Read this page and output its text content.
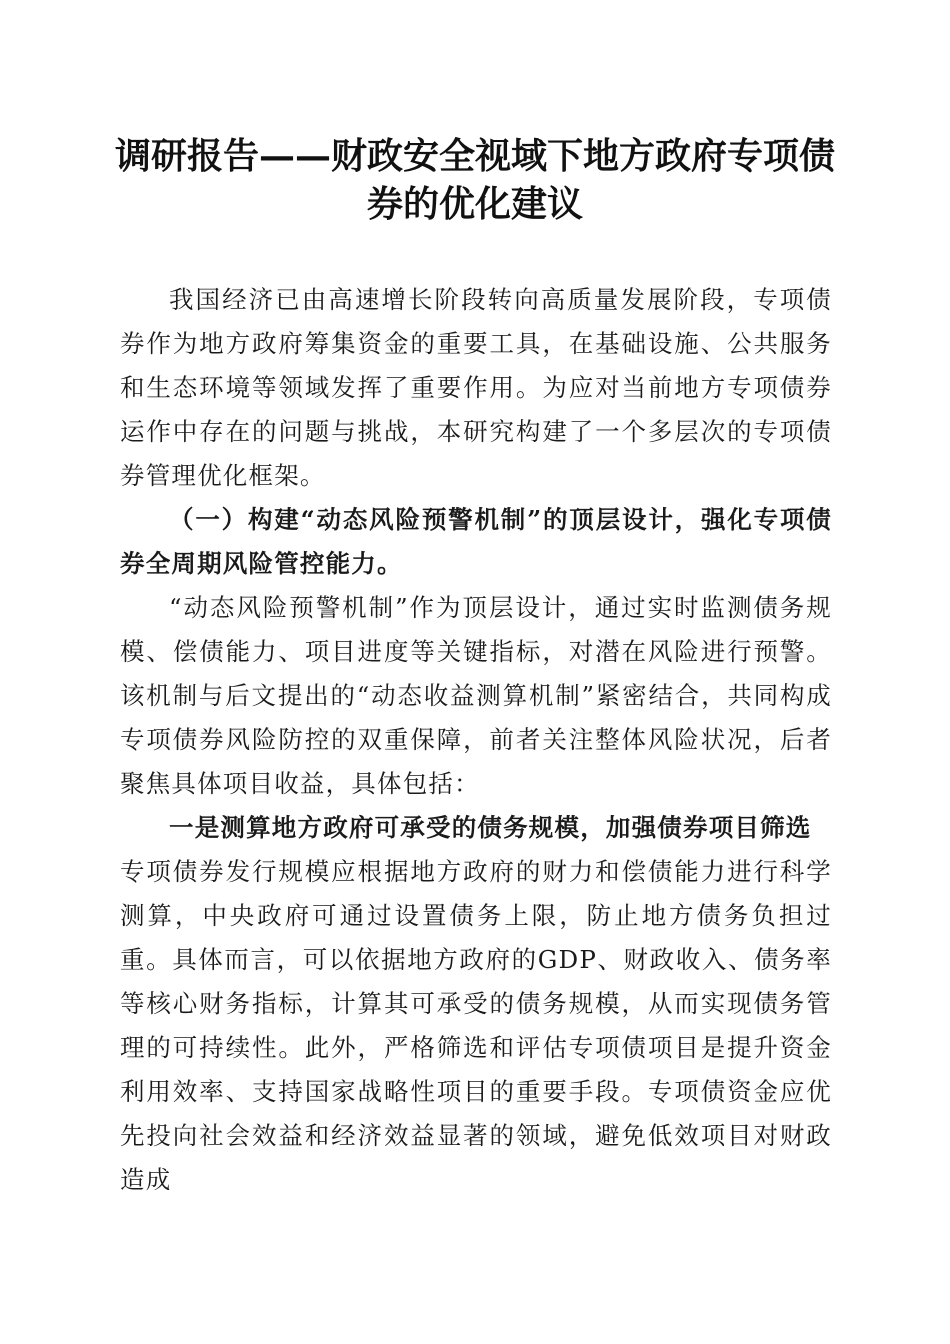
调研报告——财政安全视域下地方政府专项债券的优化建议

我国经济已由高速增长阶段转向高质量发展阶段，专项债券作为地方政府筹集资金的重要工具，在基础设施、公共服务和生态环境等领域发挥了重要作用。为应对当前地方专项债券运作中存在的问题与挑战，本研究构建了一个多层次的专项债券管理优化框架。

（一）构建“动态风险预警机制”的顶层设计，强化专项债券全周期风险管控能力。

“动态风险预警机制”作为顶层设计，通过实时监测债务规模、偿债能力、项目进度等关键指标，对潜在风险进行预警。该机制与后文提出的“动态收益测算机制”紧密结合，共同构成专项债券风险防控的双重保障，前者关注整体风险状况，后者聚焦具体项目收益，具体包括：

一是测算地方政府可承受的债务规模，加强债券项目筛选
专项债券发行规模应根据地方政府的财力和偿债能力进行科学测算，中央政府可通过设置债务上限，防止地方债务负担过重。具体而言，可以依据地方政府的GDP、财政收入、债务率等核心财务指标，计算其可承受的债务规模，从而实现债务管理的可持续性。此外，严格筛选和评估专项债项目是提升资金利用效率、支持国家战略性项目的重要手段。专项债资金应优先投向社会效益和经济效益显著的领域，避免低效项目对财政造成
